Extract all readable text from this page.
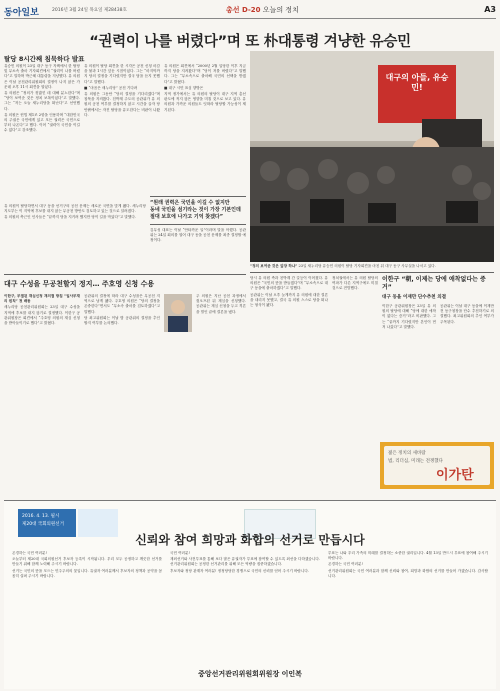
동아일보	2016년 3월 24일 목요일 제28438호	총선 D-20 오늘의 정치	A3
“권력이 나를 버렸다”며 또 朴대통령 겨냥한 유승민
탈당 8시간째 침묵하다 발표

유승민 의원이 23일 대구 동구 자택에서 한 탈당 및 무소속 출마 기자회견에서 “권력이 나를 버렸다”고 말하며 박근혜 대통령을 겨냥했다. 유 의원은 이날 공천관리위원회의 결정이 나지 않은 가운데 오후 11시 회견을 열었다.

유 의원은 “정의가 짓밟힌 데 대해 분노한다”며 “당이 보여준 것은 정치 보복이었다”고 말했다. 그는 “저는 오늘 새누리당을 떠난다”고 선언했다.

유 의원은 헌법 제1조 2항을 인용하며 “대한민국의 주권은 국민에게 있고 모든 권력은 국민으로부터 나온다”고 했다. 이어 “권력이 국민을 이길 수 없다”고 강조했다.

유 의원이 탈당 회견을 한 시각은 공천 신청 마감을 불과 1시간 앞둔 시점이었다. 그는 “마지막까지 당의 결정을 기다렸지만 결국 답을 듣지 못했다”고 말했다.

■ “마음은 새누리당” 공천 기다려

유 의원은 그동안 “당의 결정을 기다리겠다”며 침묵을 지켜왔다. 친박계 주도의 공관위가 유 의원의 공천 여부를 결정하지 않고 시간을 끌자 당 안팎에서는 자진 탈당을 유도한다는 비판이 나왔다.

유 의원은 회견에서 “2000년 2월 입당한 이후 지금까지 당을 지켜왔다”며 “당이 저를 버렸다”고 말했다. 그는 “무소속으로 출마해 국민의 선택을 받겠다”고 밝혔다.

■ 대구 시민 표심 향방은

지역 정가에서는 유 의원의 탈당이 대구 지역 총선 판도에 적지 않은 영향을 미칠 것으로 보고 있다. 유 의원과 가까운 의원들도 잇따라 탈당할 가능성이 제기된다.

“원래 권력은 국민을 이길 수 없지만
동네 국민을 섬기라는 것이 가장 기본인데
절대 보호에 나가고 기억 찾겠다”

유 의원이 탈당하면서 대구 동을 선거구의 공천 문제는 새로운 국면을 맞게 됐다. 새누리당 지도부는 이 지역에 후보를 내지 않는 무공천 방안도 검토하고 있는 것으로 알려졌다.

유 의원의 측근인 인사들은 “끝까지 당을 지키려 했지만 당이 길을 막았다”고 말했다.

김무성 대표는 이날 “안타까운 일”이라며 말을 아꼈다. 공관위는 24일 회의를 열어 대구 동을 공천 문제를 최종 결정할 예정이다.

대구의 아들, 유승민!
“정의 보여준 것은 앞장 하냐” 23일 새누리당 유승민 의원이 탈당 기자회견을 마친 뒤 대구 동구 사무실을 나서고 있다.
대구 수성을 무공천할지 정지… 주호영 신청 수용

이한구, 부결된 재심신청 재의결 방침 “일사부재의 원칙” 첫 배동

새누리당 공천관리위원회는 23일 대구 수성을 지역에 후보를 내지 않기로 결정했다. 이한구 공관위원장은 회견에서 “주호영 의원의 재심 신청을 받아들이기로 했다”고 밝혔다.

공관위의 결정에 따라 대구 수성을은 무공천 지역으로 남게 됐다. 주호영 의원은 “당의 결정을 존중한다”면서도 “무소속 출마를 검토하겠다”고 말했다.

당 최고위원회는 이날 밤 공관위의 결정을 추인할지 여부를 논의했다.

주 의원은 지난 공천 과정에서 컷오프된 뒤 재심을 신청했다. 공관위는 재심 신청을 두고 격론을 벌인 끝에 결론을 냈다.

당시 유 의원 측과 친박계 간 갈등이 이어졌다. 유 의원은 “국민의 뜻을 받들겠다”며 “무소속으로 대구 동을에 출마하겠다”고 말했다.

공관위는 이날 오후 늦게까지 유 의원에 대한 결론을 내리지 못했고, 결국 유 의원 스스로 당을 떠나는 형식이 됐다.

정치권에서는 유 의원 탈당의 여파가 다른 지역구에도 미칠 것으로 전망했다.

이한구 “朝, 이제는 당에 애착없다는 증거”
대구 동을 이재만 단수추천 의결

이한구 공관위원장은 23일 유 의원의 탈당에 대해 “당에 대한 애착이 없다는 증거”라고 비판했다. 그는 “끝까지 기다렸지만 본인이 먼저 나갔다”고 말했다.

공관위는 이날 대구 동을에 이재만 전 동구청장을 단수 추천하기로 의결했다. 최고위원회의 추인 여부가 주목된다.

젊은 정치의 새바람
법, 리더십, 미래는 전쟁했다
이가탄
2016. 4. 13. 필시
제20대 국회의원선거
신뢰와 참여 희망과 화합의 선거로 만듭시다

존경하는 국민 여러분!

오늘부터 제20대 국회의원선거 후보자 등록이 시작됩니다. 우리 모두 공정하고 깨끗한 선거를 만들기 위해 함께 노력해 주시기 바랍니다.

선거는 국민의 뜻을 모으는 민주주의의 꽃입니다. 유권자 여러분께서 후보자의 정책과 공약을 꼼꼼히 살펴 주시기 바랍니다.

국민 여러분!

재외선거와 사전투표를 통해 보다 많은 유권자가 투표에 참여할 수 있도록 최선을 다하겠습니다. 선거관리위원회는 공정한 선거관리를 위해 모든 역량을 집중하겠습니다.

후보자와 정당 관계자 여러분! 정정당당한 경쟁으로 국민의 신뢰를 얻어 주시기 바랍니다.

투표는 나와 우리 가족의 미래를 결정하는 소중한 권리입니다. 4월 13일 반드시 투표에 참여해 주시기 바랍니다.

존경하는 국민 여러분!

선거관리위원회는 국민 여러분과 함께 신뢰와 참여, 희망과 화합의 선거를 만들어 가겠습니다. 감사합니다.

중앙선거관리위원회위원장 이인복
